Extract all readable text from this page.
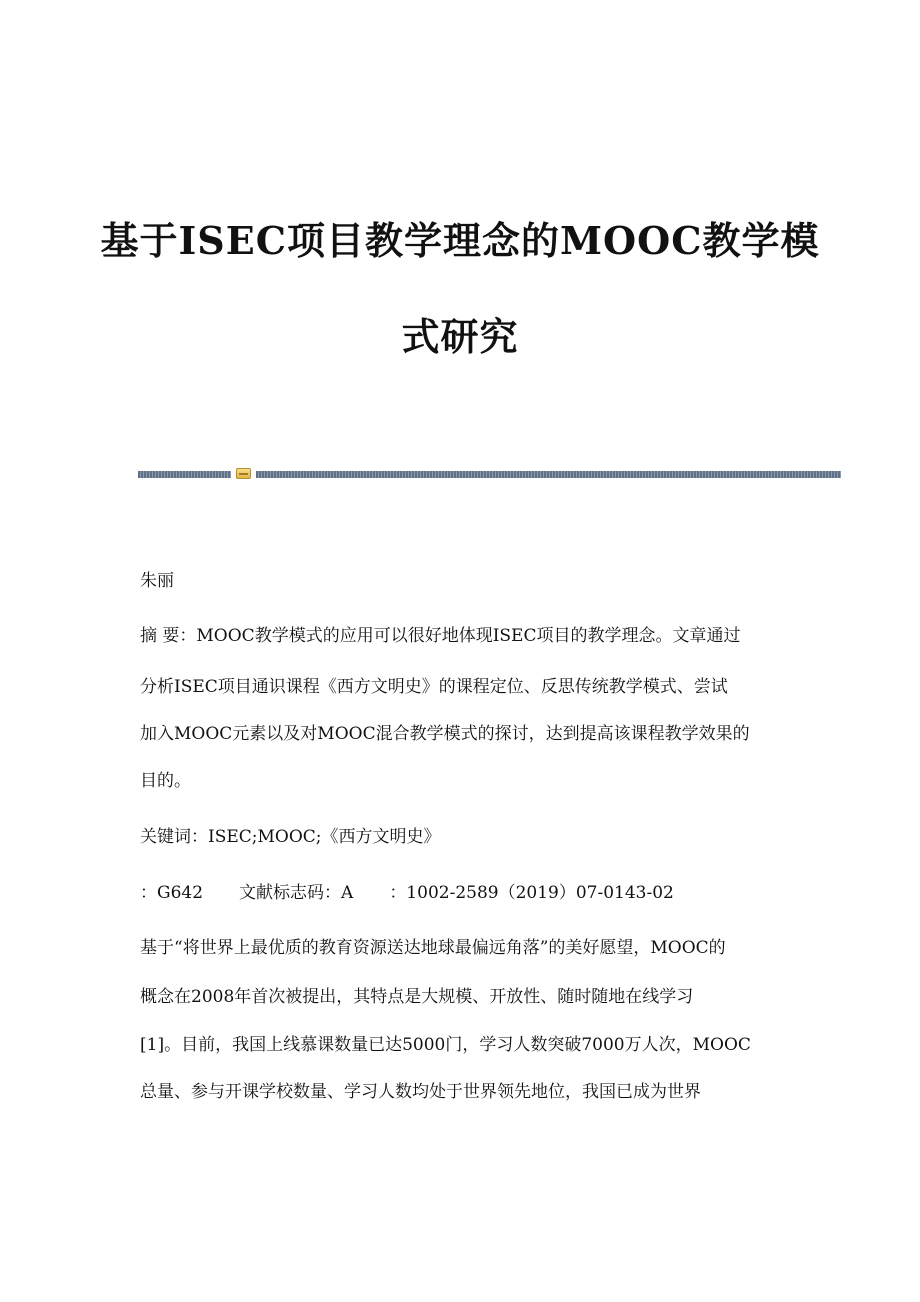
基于ISEC项目教学理念的MOOC教学模
式研究
朱丽
摘 要：MOOC教学模式的应用可以很好地体现ISEC项目的教学理念。文章通过
分析ISEC项目通识课程《西方文明史》的课程定位、反思传统教学模式、尝试
加入MOOC元素以及对MOOC混合教学模式的探讨，达到提高该课程教学效果的
目的。
关键词：ISEC;MOOC;《西方文明史》
：G642 文献标志码：A ：1002-2589（2019）07-0143-02
基于“将世界上最优质的教育资源送达地球最偏远角落”的美好愿望，MOOC的
概念在2008年首次被提出，其特点是大规模、开放性、随时随地在线学习
[1]。目前，我国上线慕课数量已达5000门，学习人数突破7000万人次，MOOC
总量、参与开课学校数量、学习人数均处于世界领先地位，我国已成为世界
